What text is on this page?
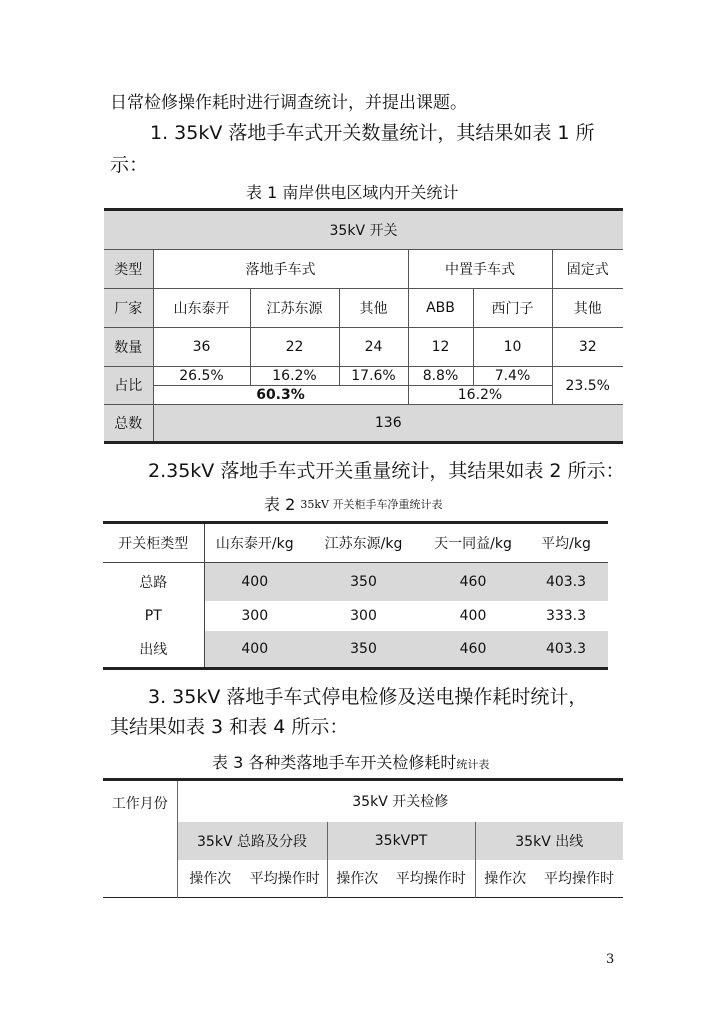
日常检修操作耗时进行调查统计，并提出课题。
1. 35kV 落地手车式开关数量统计，其结果如表 1 所
示：
表 1 南岸供电区域内开关统计
35kV 开关						
类型	落地手车式			中置手车式		固定式
厂家	山东泰开	江苏东源	其他	ABB	西门子	其他
数量	36	22	24	12	10	32
占比	26.5%	16.2%	17.6%	8.8%	7.4%	23.5%
	60.3%			16.2%		
总数	136					
2.35kV 落地手车式开关重量统计，其结果如表 2 所示：
表 2 35kV 开关柜手车净重统计表
开关柜类型	山东泰开/kg	江苏东源/kg	天一同益/kg	平均/kg
总路	400	350	460	403.3
PT	300	300	400	333.3
出线	400	350	460	403.3
3. 35kV 落地手车式停电检修及送电操作耗时统计，
其结果如表 3 和表 4 所示：
表 3 各种类落地手车开关检修耗时统计表
工作月份	35kV 开关检修					
	35kV 总路及分段		35kVPT		35kV 出线	
	操作次	平均操作时	操作次	平均操作时	操作次	平均操作时
3
